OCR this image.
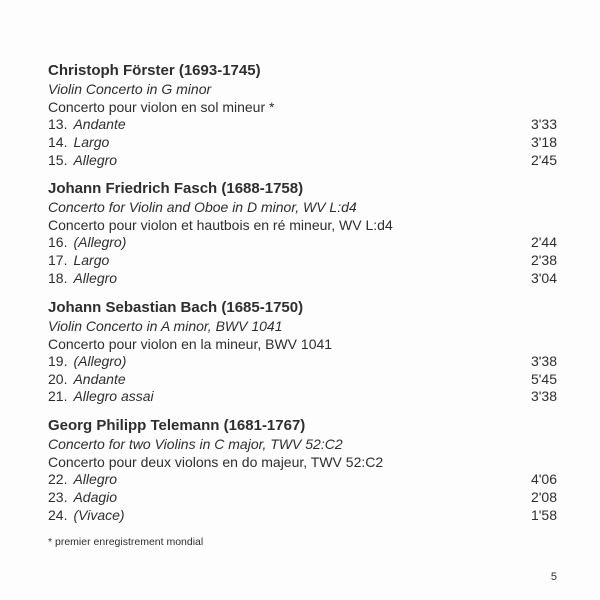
Christoph Förster (1693-1745)
Violin Concerto in G minor
Concerto pour violon en sol mineur *
13. Andante	3'33
14. Largo	3'18
15. Allegro	2'45
Johann Friedrich Fasch (1688-1758)
Concerto for Violin and Oboe in D minor, WV L:d4
Concerto pour violon et hautbois en ré mineur, WV L:d4
16. (Allegro)	2'44
17. Largo	2'38
18. Allegro	3'04
Johann Sebastian Bach (1685-1750)
Violin Concerto in A minor, BWV 1041
Concerto pour violon en la mineur, BWV 1041
19. (Allegro)	3'38
20. Andante	5'45
21. Allegro assai	3'38
Georg Philipp Telemann (1681-1767)
Concerto for two Violins in C major, TWV 52:C2
Concerto pour deux violons en do majeur, TWV 52:C2
22. Allegro	4'06
23. Adagio	2'08
24. (Vivace)	1'58
* premier enregistrement mondial
5
